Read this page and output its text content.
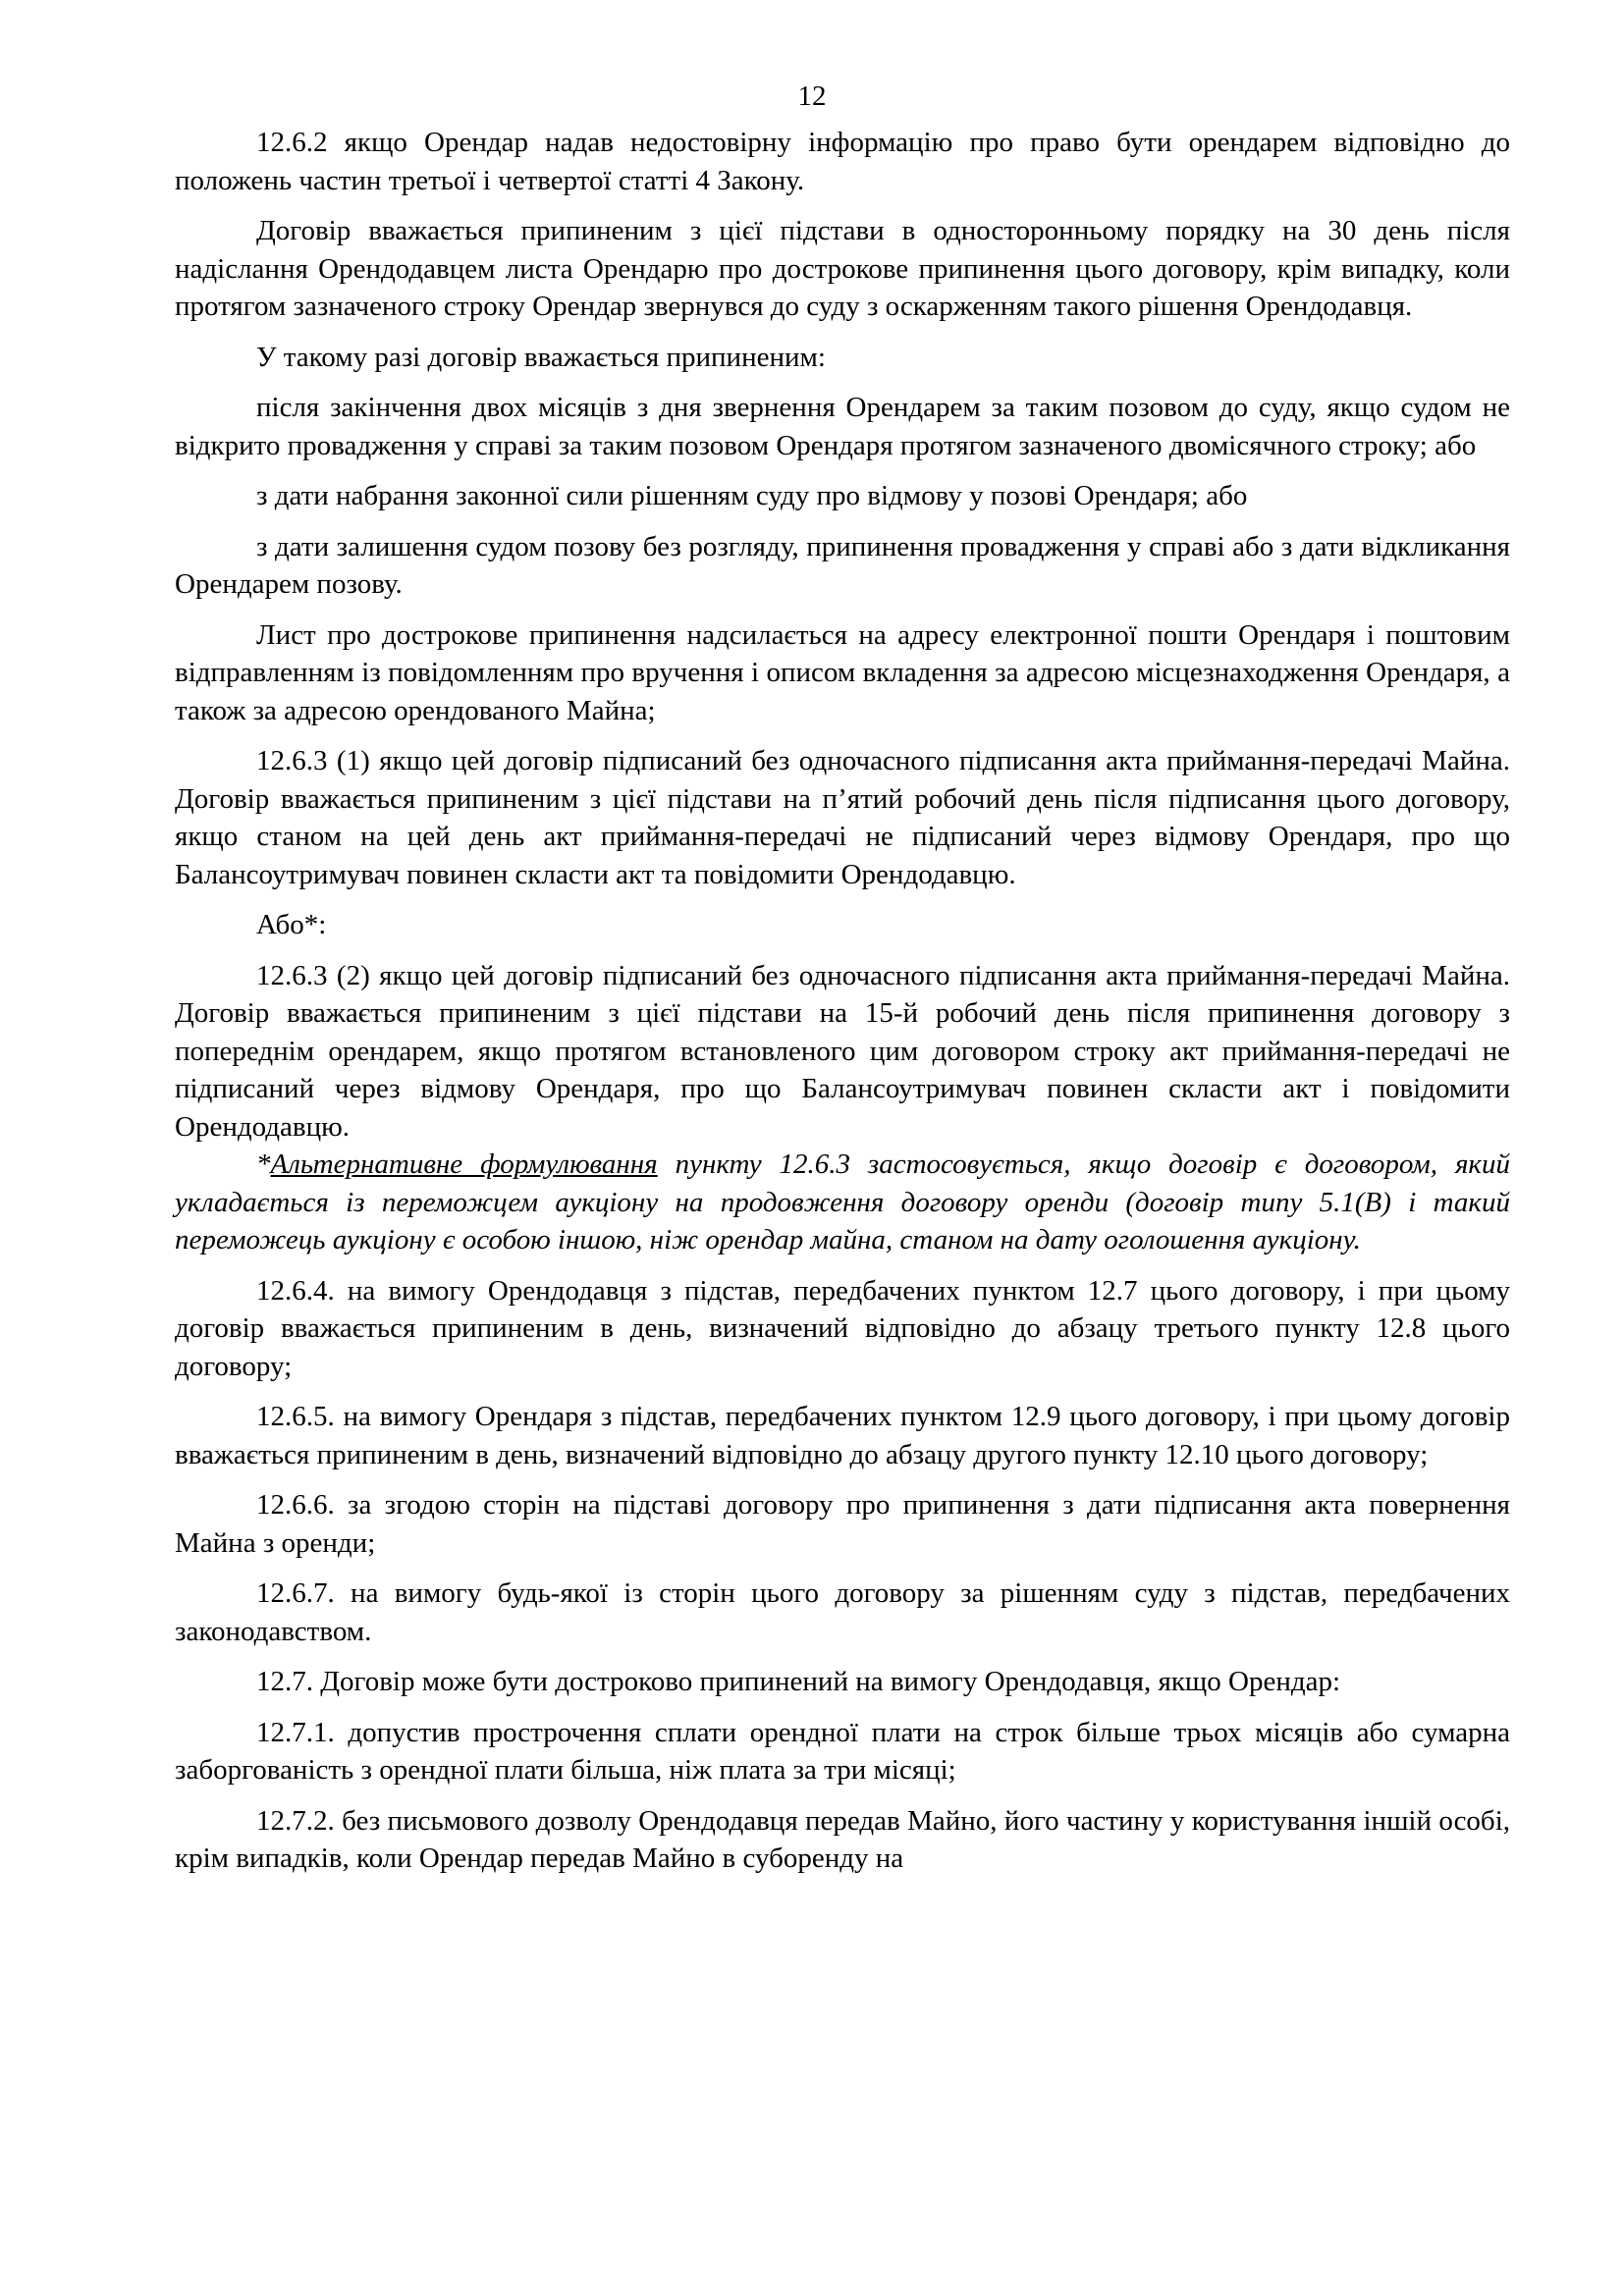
12

12.6.2 якщо Орендар надав недостовірну інформацію про право бути орендарем відповідно до положень частин третьої і четвертої статті 4 Закону.

Договір вважається припиненим з цієї підстави в односторонньому порядку на 30 день після надіслання Орендодавцем листа Орендарю про дострокове припинення цього договору, крім випадку, коли протягом зазначеного строку Орендар звернувся до суду з оскарженням такого рішення Орендодавця.

У такому разі договір вважається припиненим:

після закінчення двох місяців з дня звернення Орендарем за таким позовом до суду, якщо судом не відкрито провадження у справі за таким позовом Орендаря протягом зазначеного двомісячного строку; або

з дати набрання законної сили рішенням суду про відмову у позові Орендаря; або

з дати залишення судом позову без розгляду, припинення провадження у справі або з дати відкликання Орендарем позову.

Лист про дострокове припинення надсилається на адресу електронної пошти Орендаря і поштовим відправленням із повідомленням про вручення і описом вкладення за адресою місцезнаходження Орендаря, а також за адресою орендованого Майна;

12.6.3 (1) якщо цей договір підписаний без одночасного підписання акта приймання-передачі Майна. Договір вважається припиненим з цієї підстави на п’ятий робочий день після підписання цього договору, якщо станом на цей день акт приймання-передачі не підписаний через відмову Орендаря, про що Балансоутримувач повинен скласти акт та повідомити Орендодавцю.

Або*:

12.6.3 (2) якщо цей договір підписаний без одночасного підписання акта приймання-передачі Майна. Договір вважається припиненим з цієї підстави на 15-й робочий день після припинення договору з попереднім орендарем, якщо протягом встановленого цим договором строку акт приймання-передачі не підписаний через відмову Орендаря, про що Балансоутримувач повинен скласти акт і повідомити Орендодавцю.

*Альтернативне формулювання пункту 12.6.3 застосовується, якщо договір є договором, який укладається із переможцем аукціону на продовження договору оренди (договір типу 5.1(В) і такий переможець аукціону є особою іншою, ніж орендар майна, станом на дату оголошення аукціону.

12.6.4. на вимогу Орендодавця з підстав, передбачених пунктом 12.7 цього договору, і при цьому договір вважається припиненим в день, визначений відповідно до абзацу третього пункту 12.8 цього договору;

12.6.5. на вимогу Орендаря з підстав, передбачених пунктом 12.9 цього договору, і при цьому договір вважається припиненим в день, визначений відповідно до абзацу другого пункту 12.10 цього договору;

12.6.6. за згодою сторін на підставі договору про припинення з дати підписання акта повернення Майна з оренди;

12.6.7. на вимогу будь-якої із сторін цього договору за рішенням суду з підстав, передбачених законодавством.

12.7. Договір може бути достроково припинений на вимогу Орендодавця, якщо Орендар:

12.7.1. допустив прострочення сплати орендної плати на строк більше трьох місяців або сумарна заборгованість з орендної плати більша, ніж плата за три місяці;

12.7.2. без письмового дозволу Орендодавця передав Майно, його частину у користування іншій особі, крім випадків, коли Орендар передав Майно в суборенду на
